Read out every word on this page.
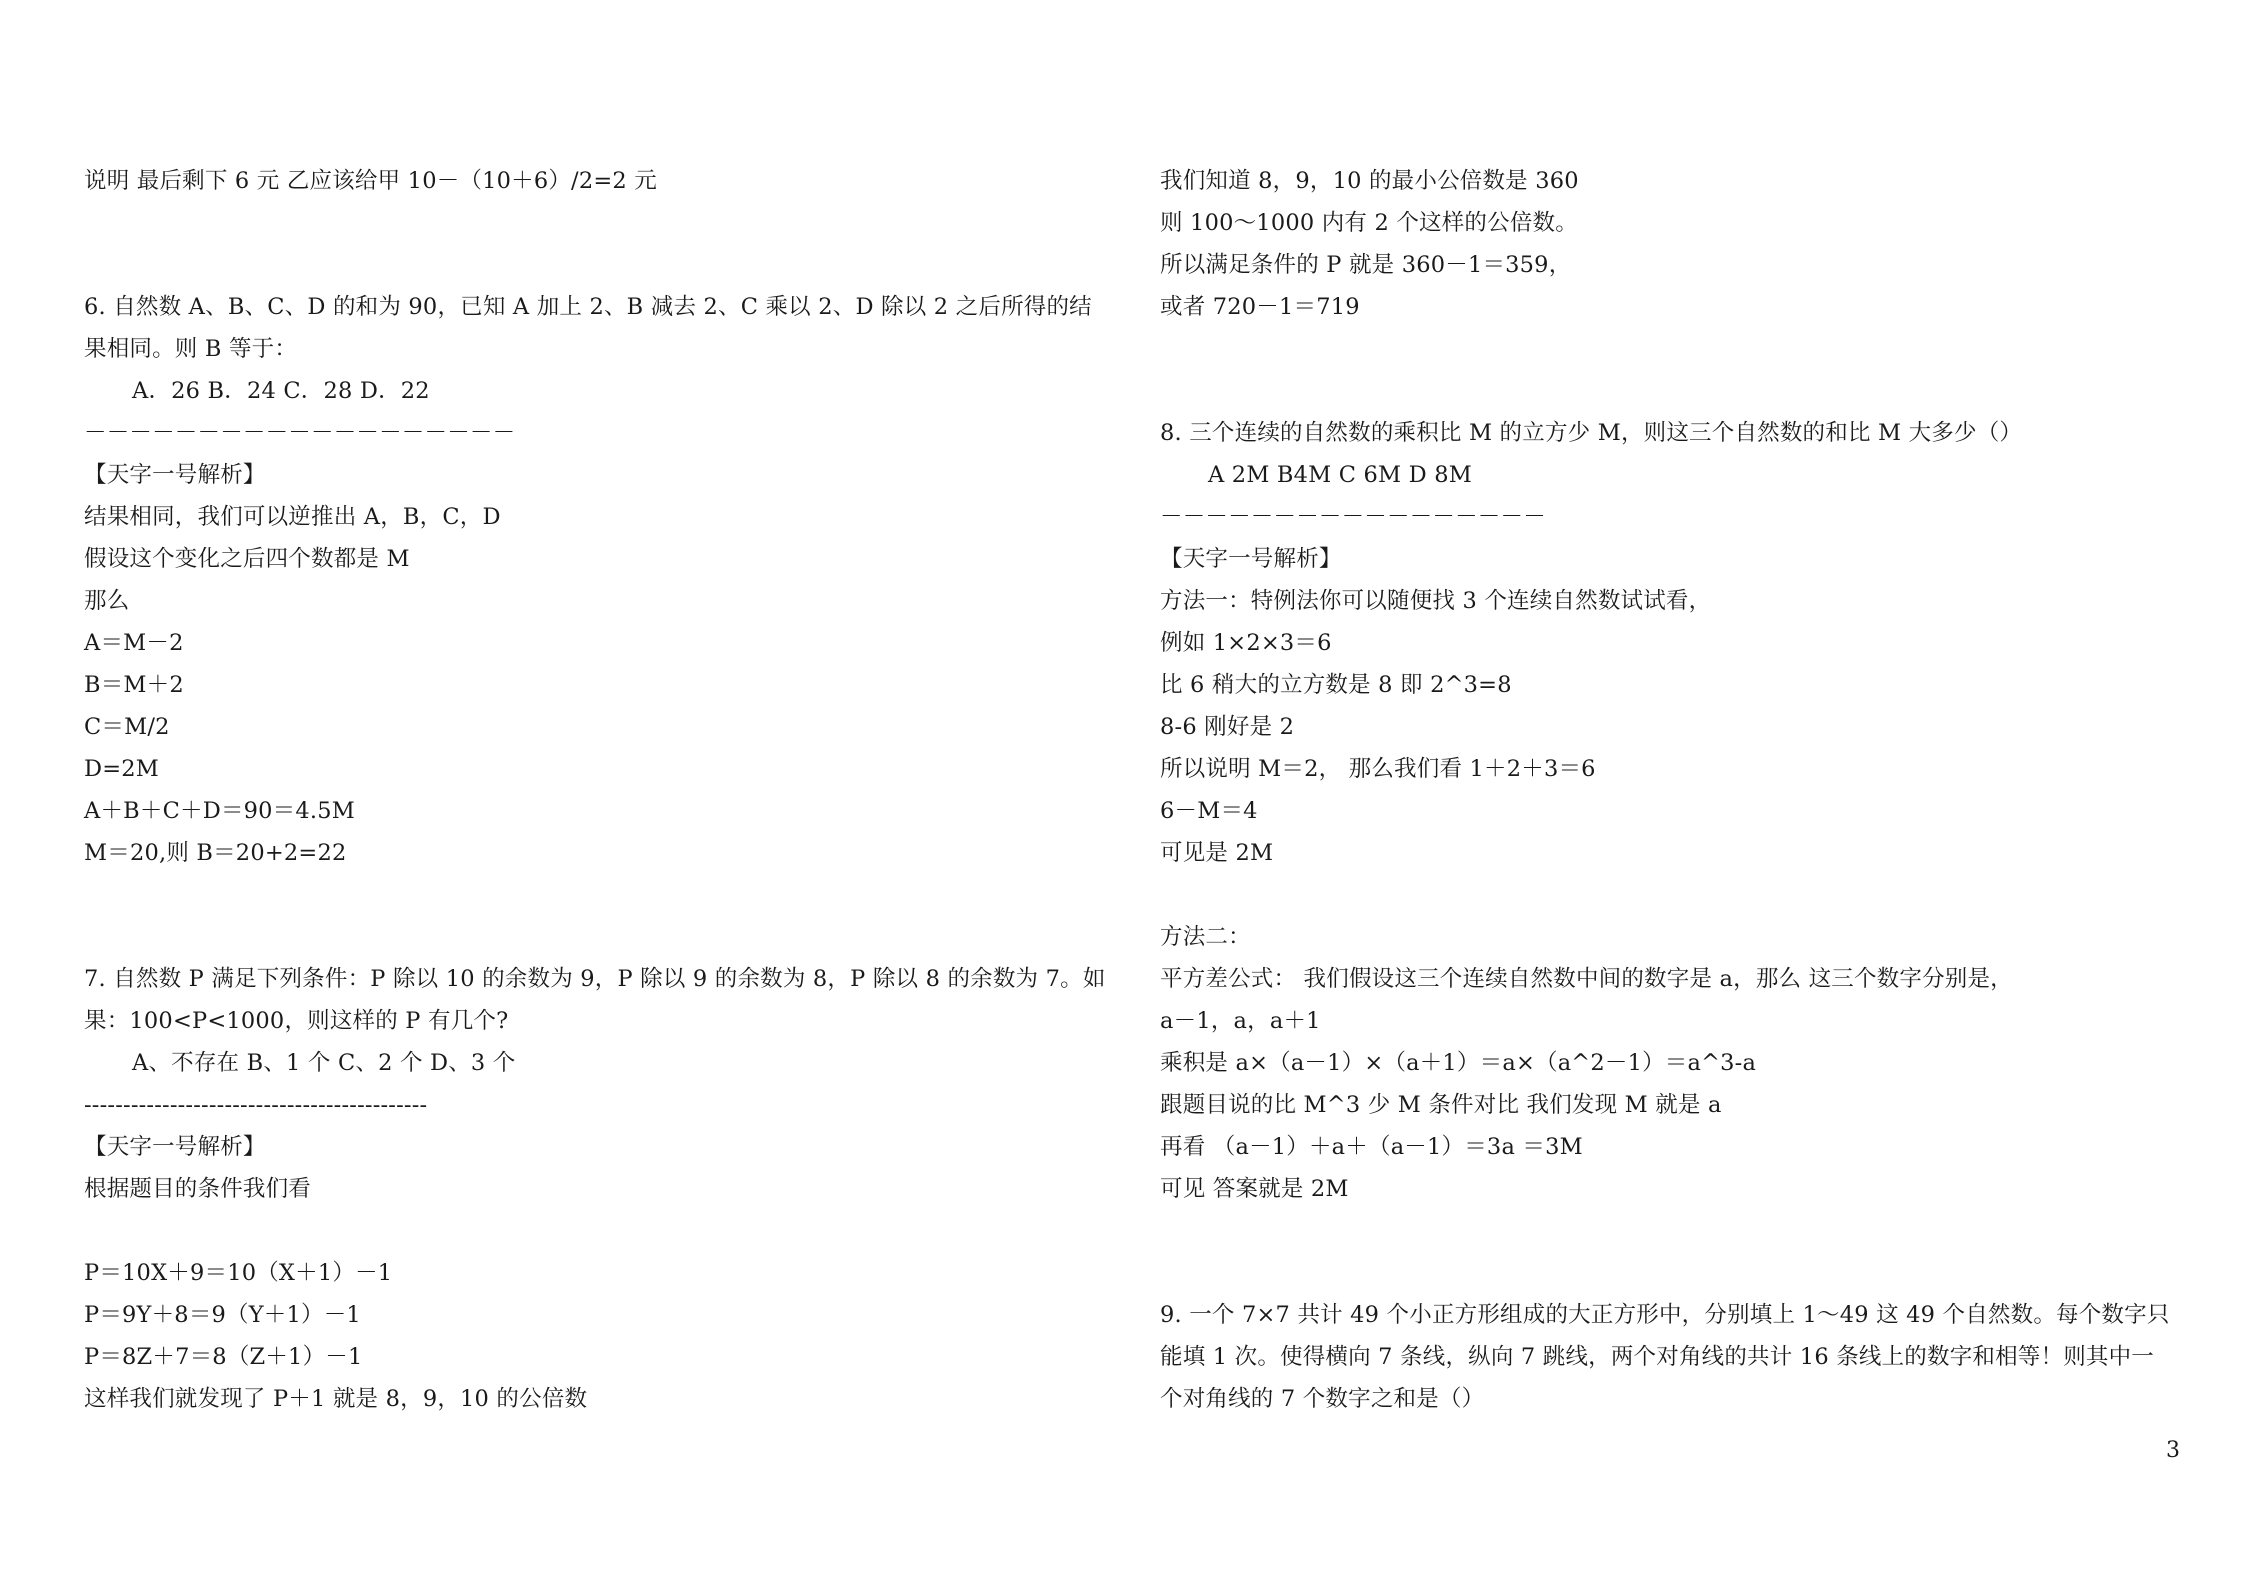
说明 最后剩下 6 元 乙应该给甲 10－（10＋6）/2=2 元
6. 自然数 A、B、C、D 的和为 90，已知 A 加上 2、B 减去 2、C 乘以 2、D 除以 2 之后所得的结
果相同。则 B 等于：
A．26 B．24 C．28 D．22
－－－－－－－－－－－－－－－－－－－
【天字一号解析】
结果相同，我们可以逆推出 A，B，C，D
假设这个变化之后四个数都是 M
那么
A＝M－2
B＝M＋2
C＝M/2
D=2M
A＋B＋C＋D＝90＝4.5M
M＝20,则 B＝20+2=22
7. 自然数 P 满足下列条件：P 除以 10 的余数为 9，P 除以 9 的余数为 8，P 除以 8 的余数为 7。如
果：100<P<1000，则这样的 P 有几个?
A、不存在 B、1 个 C、2 个 D、3 个
--------------------------------------------
【天字一号解析】
根据题目的条件我们看
P＝10X＋9＝10（X＋1）－1
P＝9Y＋8＝9（Y＋1）－1
P＝8Z＋7＝8（Z＋1）－1
这样我们就发现了 P＋1 就是 8，9，10 的公倍数
我们知道 8，9，10 的最小公倍数是 360
则 100～1000 内有 2 个这样的公倍数。
所以满足条件的 P 就是 360－1＝359，
或者 720－1＝719
8. 三个连续的自然数的乘积比 M 的立方少 M，则这三个自然数的和比 M 大多少（）
A 2M B4M C 6M D 8M
－－－－－－－－－－－－－－－－－
【天字一号解析】
方法一：特例法你可以随便找 3 个连续自然数试试看，
例如 1×2×3＝6
比 6 稍大的立方数是 8 即 2^3=8
8-6 刚好是 2
所以说明 M＝2， 那么我们看 1＋2＋3＝6
6－M＝4
可见是 2M
方法二：
平方差公式： 我们假设这三个连续自然数中间的数字是 a，那么 这三个数字分别是，
a－1，a，a＋1
乘积是 a×（a－1）×（a＋1）＝a×（a^2－1）＝a^3-a
跟题目说的比 M^3 少 M 条件对比 我们发现 M 就是 a
再看 （a－1）＋a＋（a－1）＝3a ＝3M
可见 答案就是 2M
9. 一个 7×7 共计 49 个小正方形组成的大正方形中，分别填上 1～49 这 49 个自然数。每个数字只
能填 1 次。使得横向 7 条线，纵向 7 跳线，两个对角线的共计 16 条线上的数字和相等！则其中一
个对角线的 7 个数字之和是（）
3
